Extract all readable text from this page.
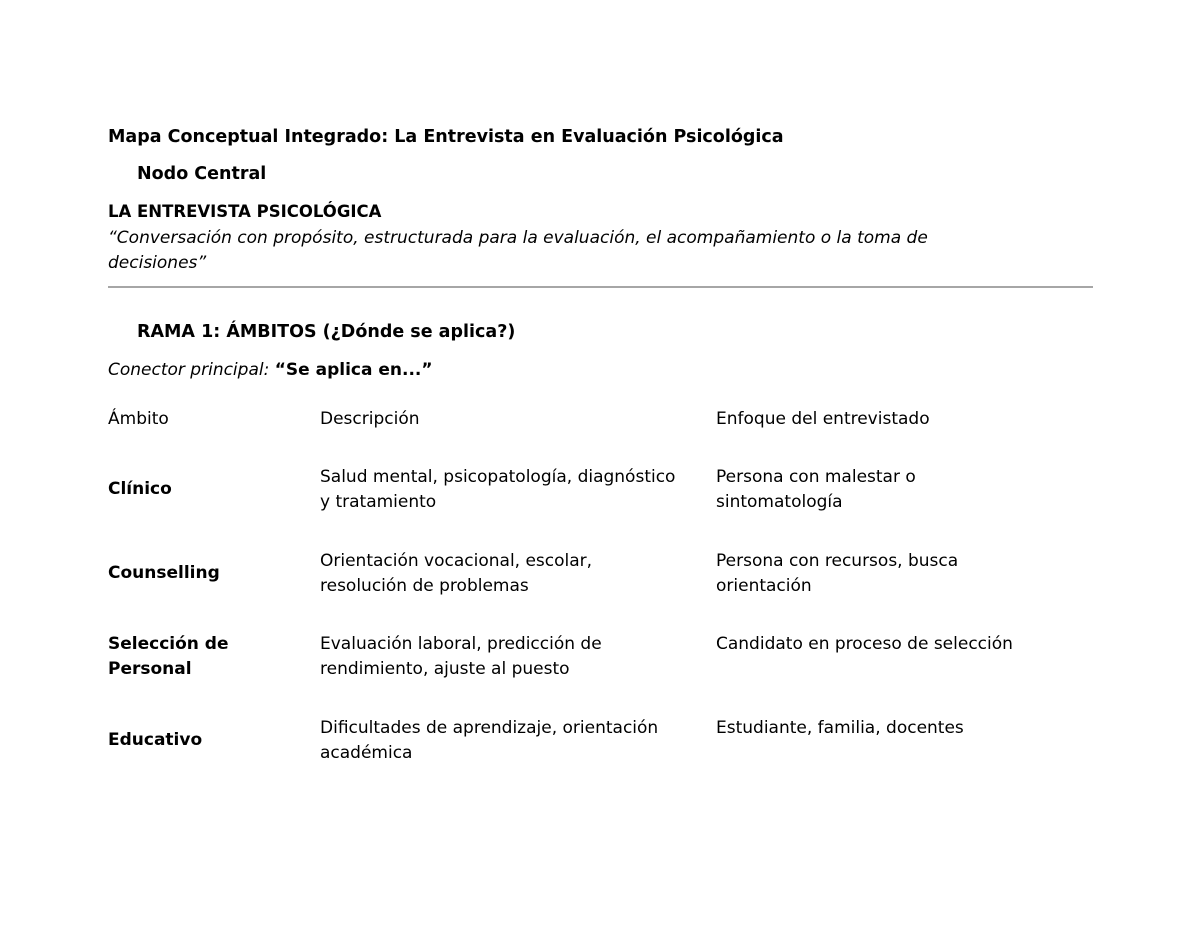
Mapa Conceptual Integrado: La Entrevista en Evaluación Psicológica
Nodo Central
LA ENTREVISTA PSICOLÓGICA
“Conversación con propósito, estructurada para la evaluación, el acompañamiento o la toma de decisiones”
RAMA 1: ÁMBITOS (¿Dónde se aplica?)
Conector principal: “Se aplica en...”
Ámbito	Descripción	Enfoque del entrevistado
Clínico
Salud mental, psicopatología, diagnóstico y tratamiento
Persona con malestar o sintomatología
Counselling
Orientación vocacional, escolar, resolución de problemas
Persona con recursos, busca orientación
Selección de Personal
Evaluación laboral, predicción de rendimiento, ajuste al puesto
Candidato en proceso de selección
Educativo
Dificultades de aprendizaje, orientación académica
Estudiante, familia, docentes
